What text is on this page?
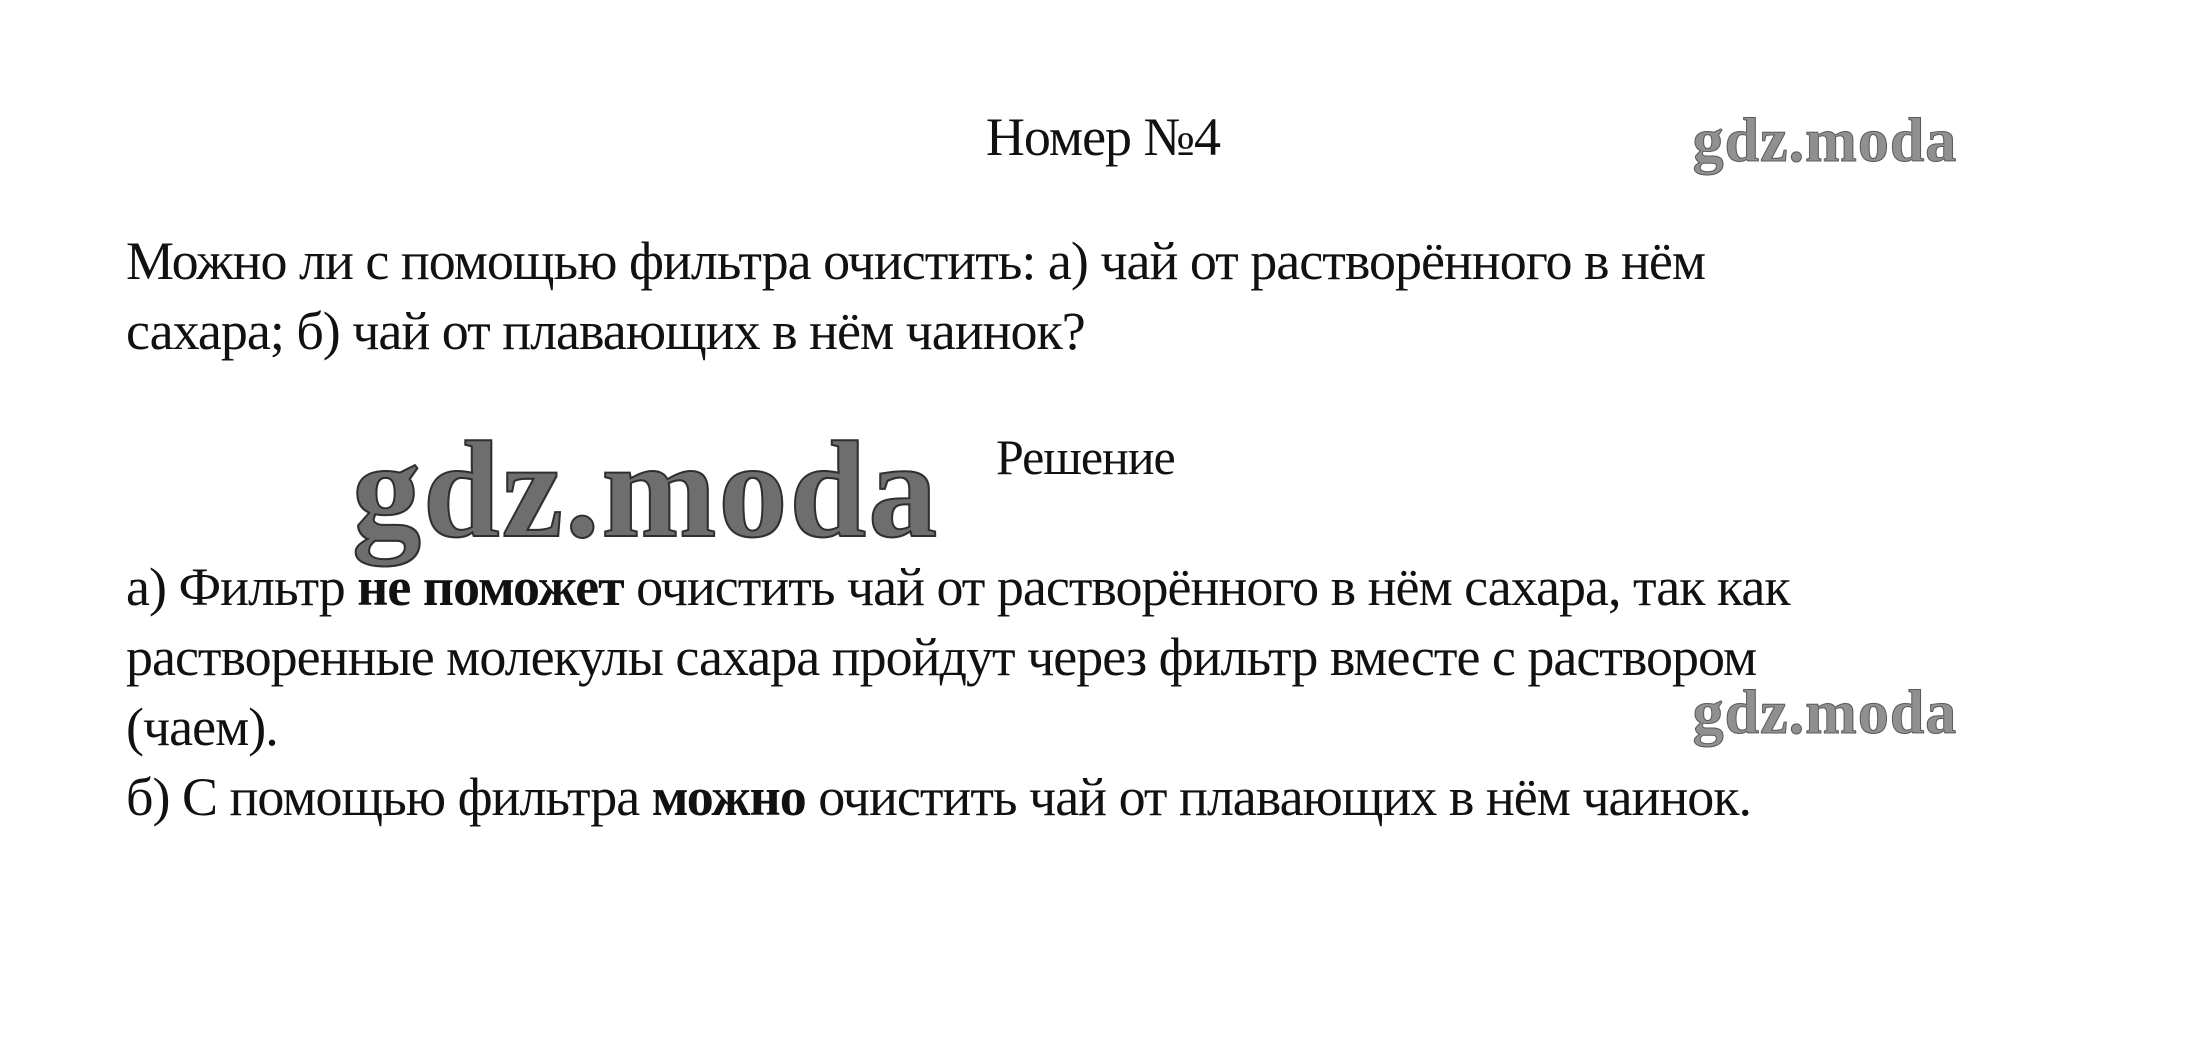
Номер №4	gdz.moda
Можно ли с помощью фильтра очистить: а) чай от растворённого в нём
сахара; б) чай от плавающих в нём чаинок?
gdz.moda Решение
а) Фильтр не поможет очистить чай от растворённого в нём сахара, так как
растворенные молекулы сахара пройдут через фильтр вместе с раствором
(чаем).
б) С помощью фильтра можно очистить чай от плавающих в нём чаинок.
gdz.moda
